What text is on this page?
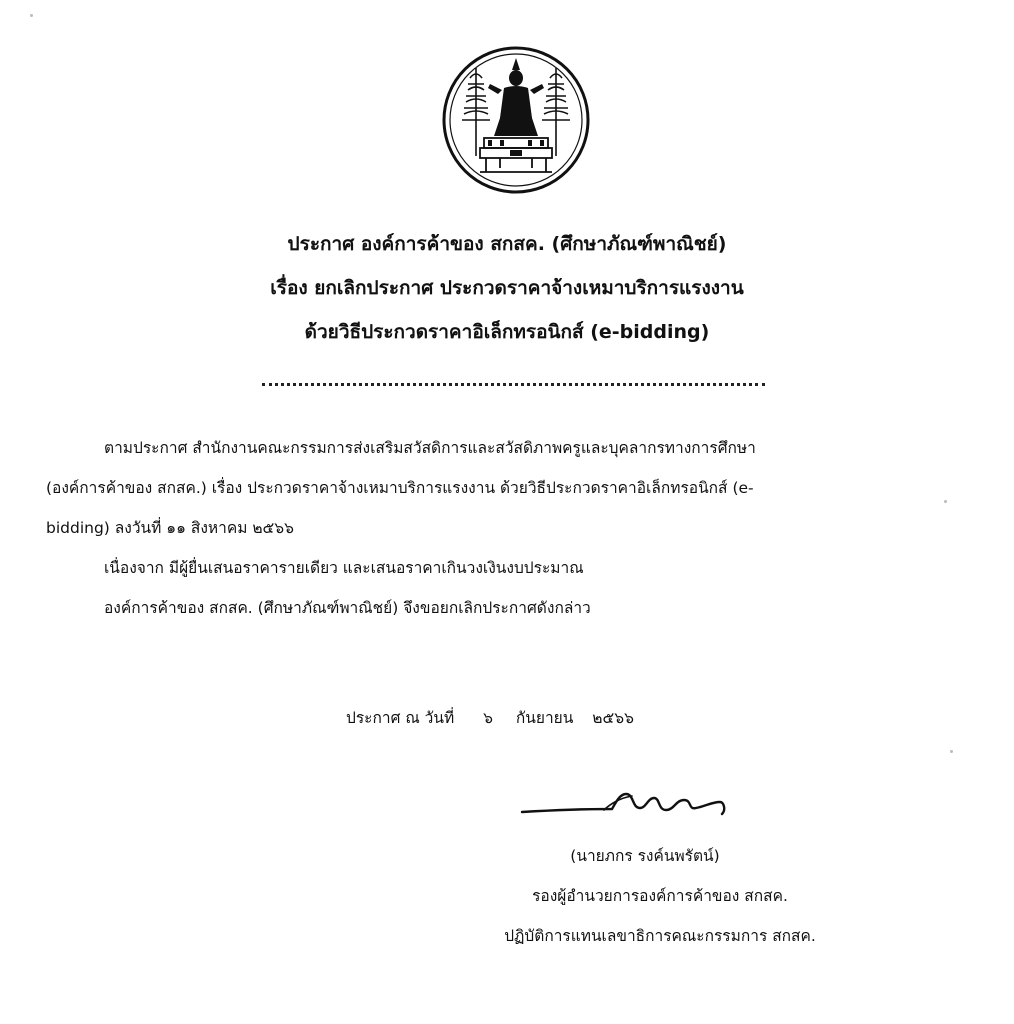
ประกาศ องค์การค้าของ สกสค. (ศึกษาภัณฑ์พาณิชย์)
เรื่อง ยกเลิกประกาศ ประกวดราคาจ้างเหมาบริการแรงงาน
ด้วยวิธีประกวดราคาอิเล็กทรอนิกส์ (e-bidding)
ตามประกาศ สำนักงานคณะกรรมการส่งเสริมสวัสดิการและสวัสดิภาพครูและบุคลากรทางการศึกษา
(องค์การค้าของ สกสค.) เรื่อง ประกวดราคาจ้างเหมาบริการแรงงาน ด้วยวิธีประกวดราคาอิเล็กทรอนิกส์ (e-
bidding) ลงวันที่ ๑๑ สิงหาคม ๒๕๖๖
เนื่องจาก มีผู้ยื่นเสนอราคารายเดียว และเสนอราคาเกินวงเงินงบประมาณ
องค์การค้าของ สกสค. (ศึกษาภัณฑ์พาณิชย์) จึงขอยกเลิกประกาศดังกล่าว
ประกาศ ณ วันที่ ๖ กันยายน ๒๕๖๖
(นายภกร รงค์นพรัตน์)
รองผู้อำนวยการองค์การค้าของ สกสค.
ปฏิบัติการแทนเลขาธิการคณะกรรมการ สกสค.
